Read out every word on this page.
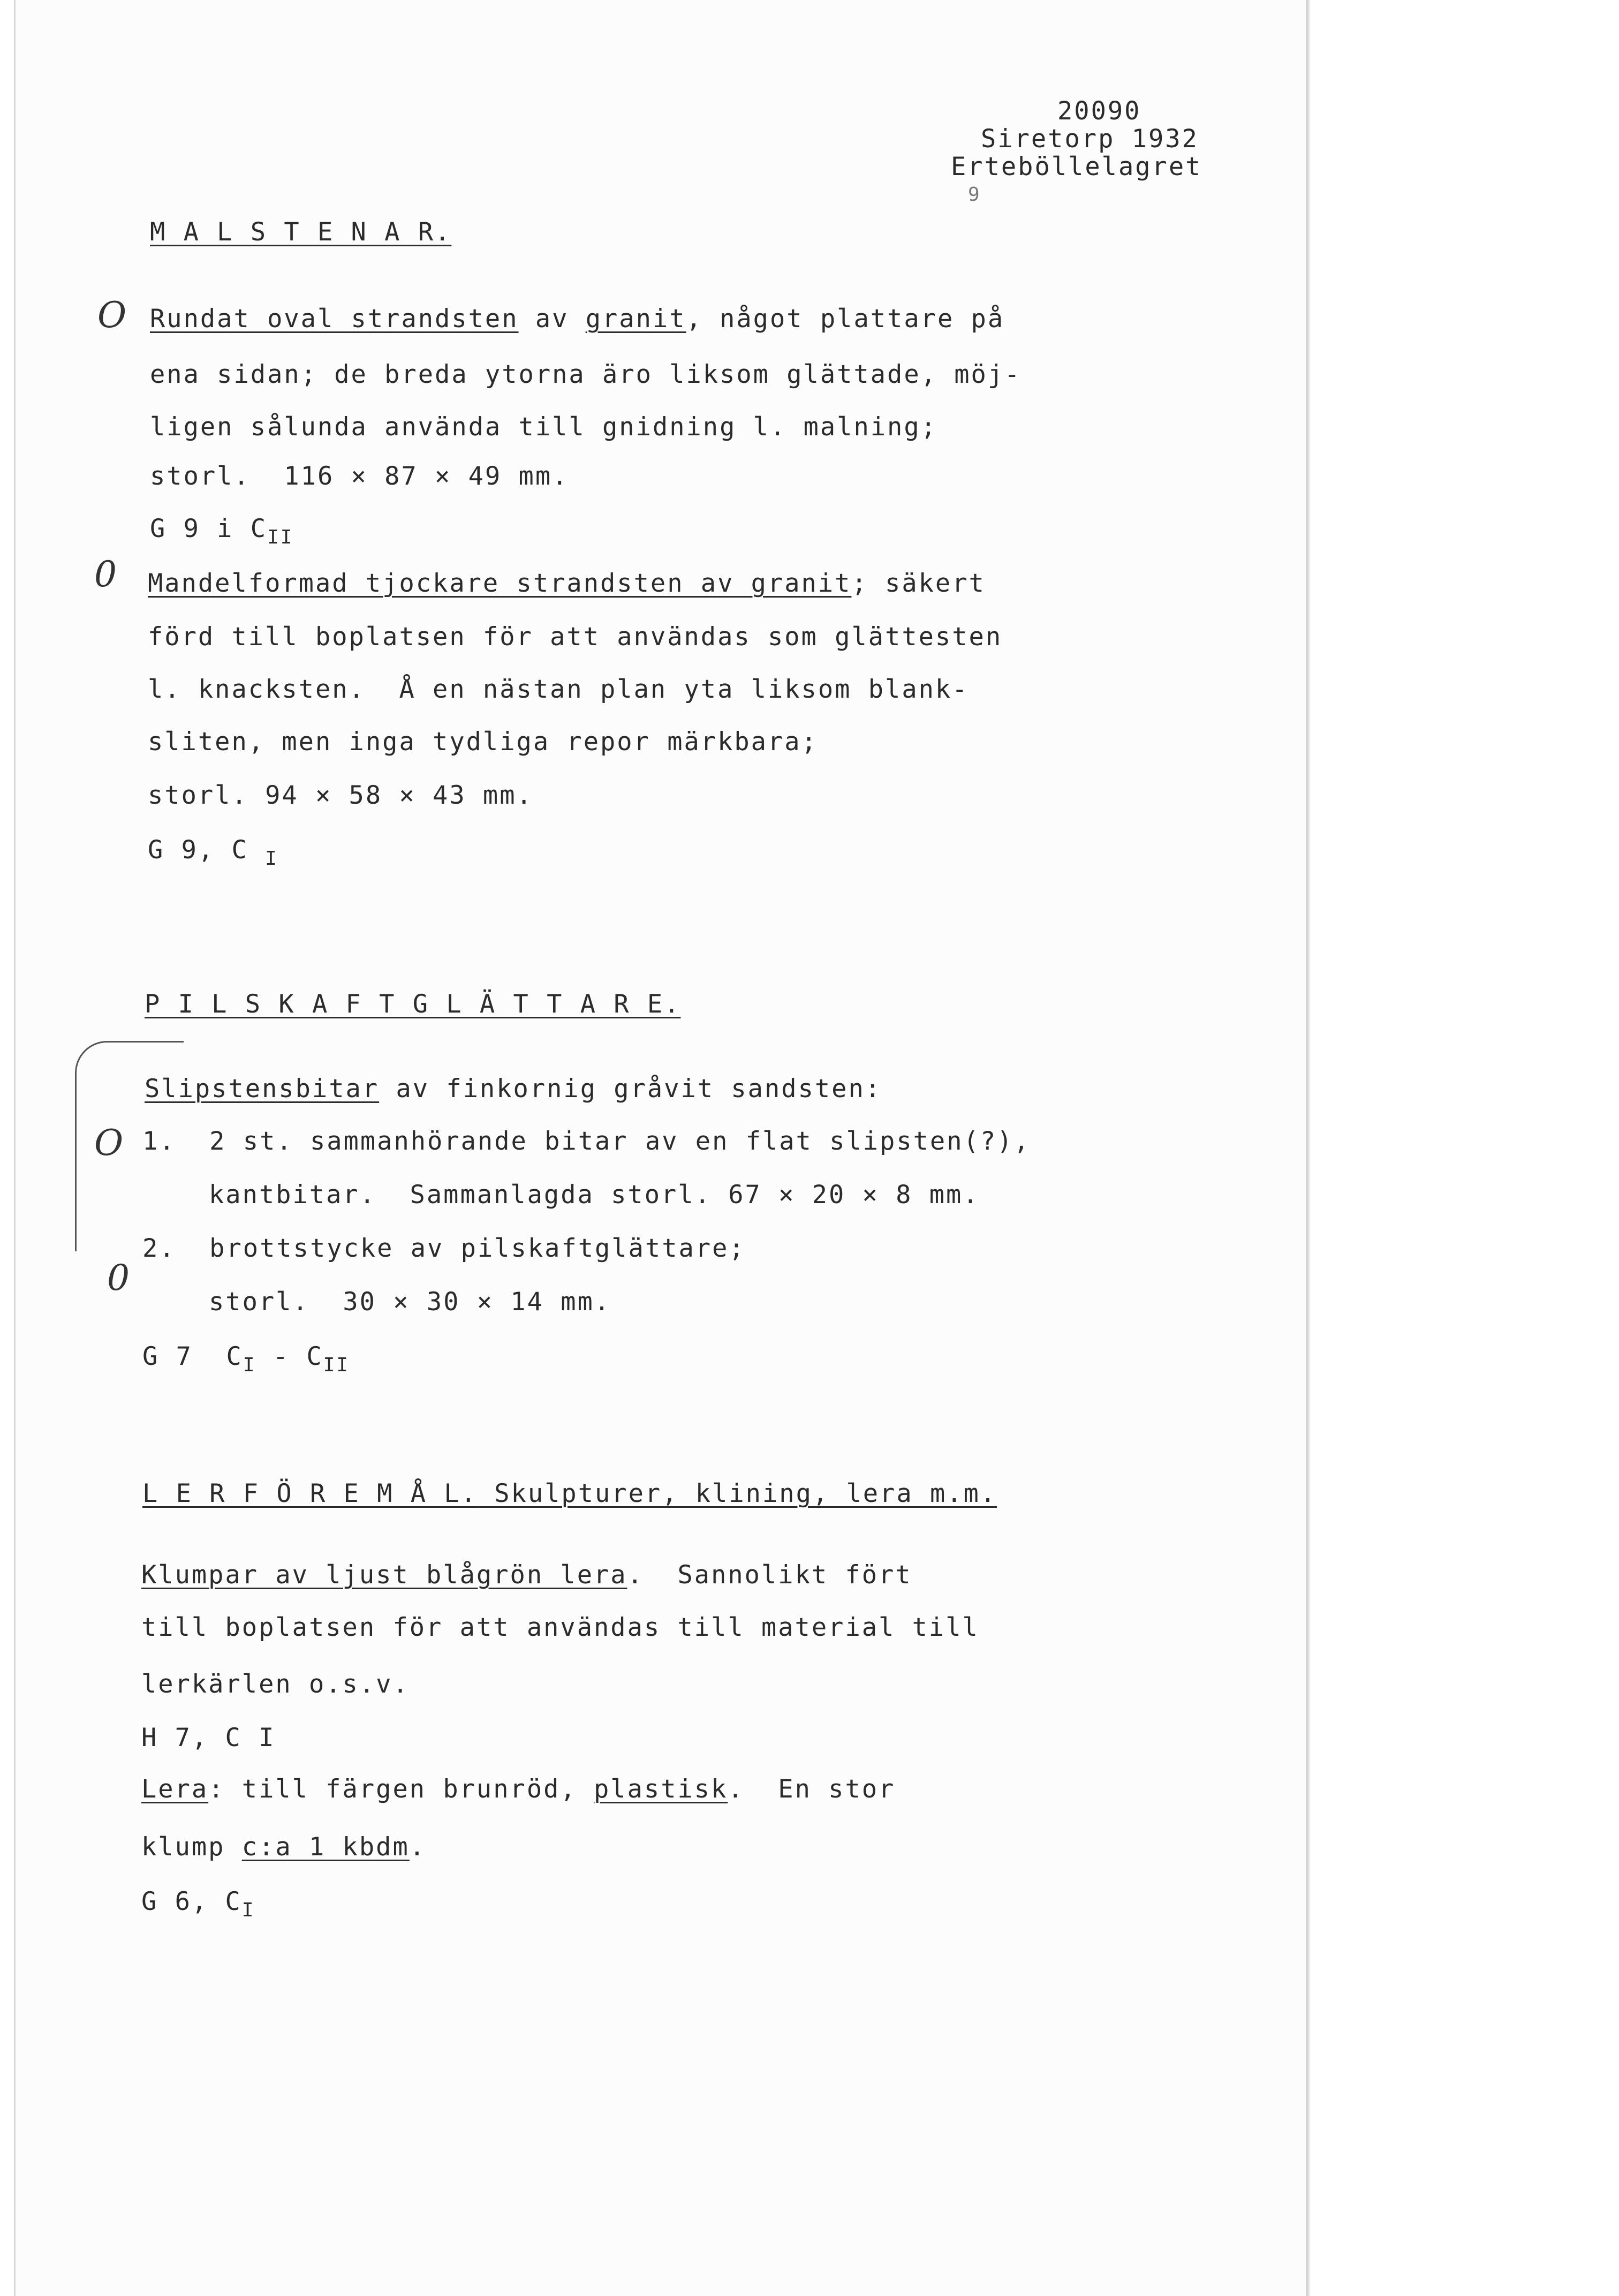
20090
Siretorp 1932
Erteböllelagret
9
M A L S T E N A R.
O Rundat oval strandsten av granit, något plattare på
ena sidan; de breda ytorna äro liksom glättade, möj-
ligen sålunda använda till gnidning l. malning;
storl.  116 × 87 × 49 mm.
G 9 i $C_{II}$
0 Mandelformad tjockare strandsten av granit; säkert
förd till boplatsen för att användas som glättesten
l. knacksten.  Å en nästan plan yta liksom blank-
sliten, men inga tydliga repor märkbara;
storl. 94 × 58 × 43 mm.
G 9, C $_I$
P I L S K A F T G L Ä T T A R E.
Slipstensbitar av finkornig gråvit sandsten:
O 1.  2 st. sammanhörande bitar av en flat slipsten(?),
kantbitar.  Sammanlagda storl. 67 × 20 × 8 mm.
2.  brottstycke av pilskaftglättare;
0
storl.  30 × 30 × 14 mm.
G 7  $C_I - C_{II}$
L E R F Ö R E M Å L. Skulpturer, klining, lera m.m.
Klumpar av ljust blågrön lera.  Sannolikt fört
till boplatsen för att användas till material till
lerkärlen o.s.v.
H 7, C I
Lera: till färgen brunröd, plastisk.  En stor
klump c:a 1 kbdm.
G 6, $C_I$
